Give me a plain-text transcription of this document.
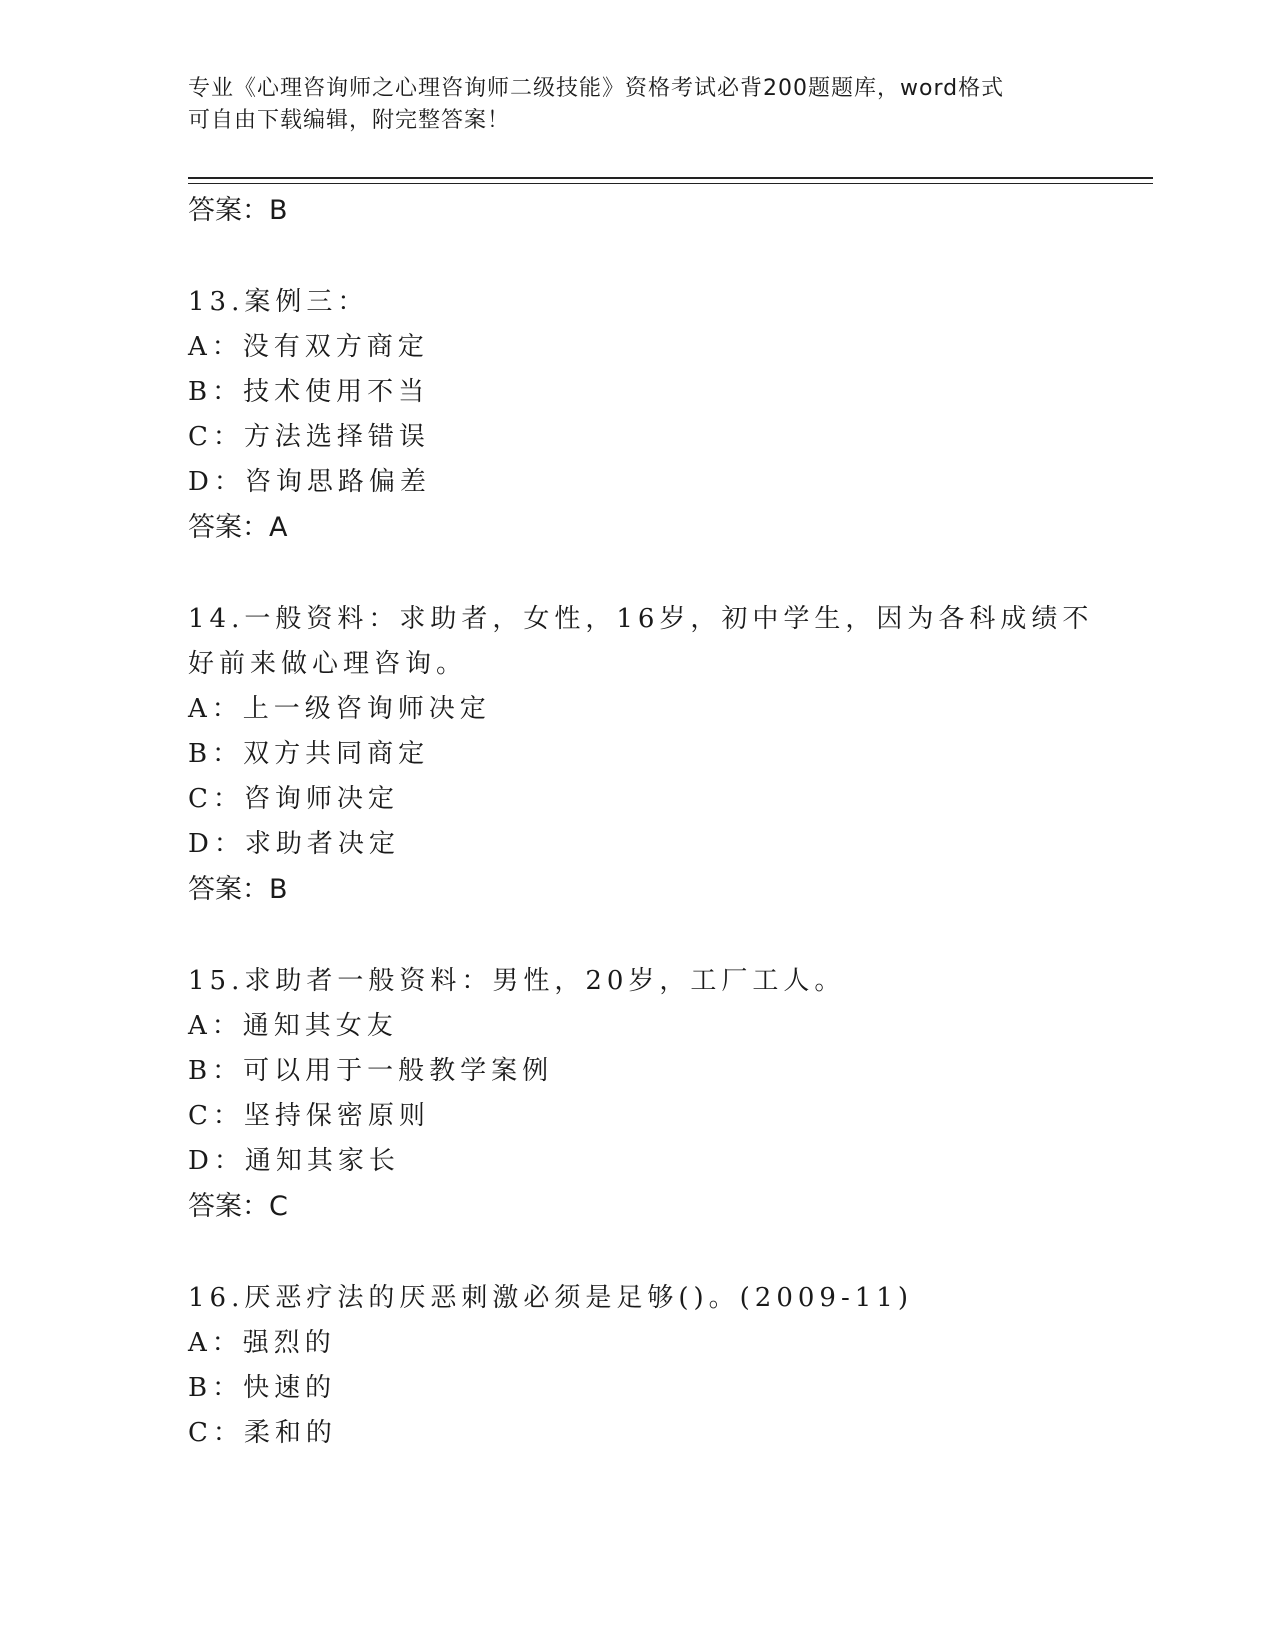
专业《心理咨询师之心理咨询师二级技能》资格考试必背200题题库，word格式
可自由下载编辑，附完整答案！
答案：B
13.案例三：
A：没有双方商定
B：技术使用不当
C：方法选择错误
D：咨询思路偏差
答案：A
14.一般资料：求助者，女性，16岁，初中学生，因为各科成绩不好前来做心理咨询。
A：上一级咨询师决定
B：双方共同商定
C：咨询师决定
D：求助者决定
答案：B
15.求助者一般资料：男性，20岁，工厂工人。
A：通知其女友
B：可以用于一般教学案例
C：坚持保密原则
D：通知其家长
答案：C
16.厌恶疗法的厌恶刺激必须是足够()。(2009-11)
A：强烈的
B：快速的
C：柔和的
